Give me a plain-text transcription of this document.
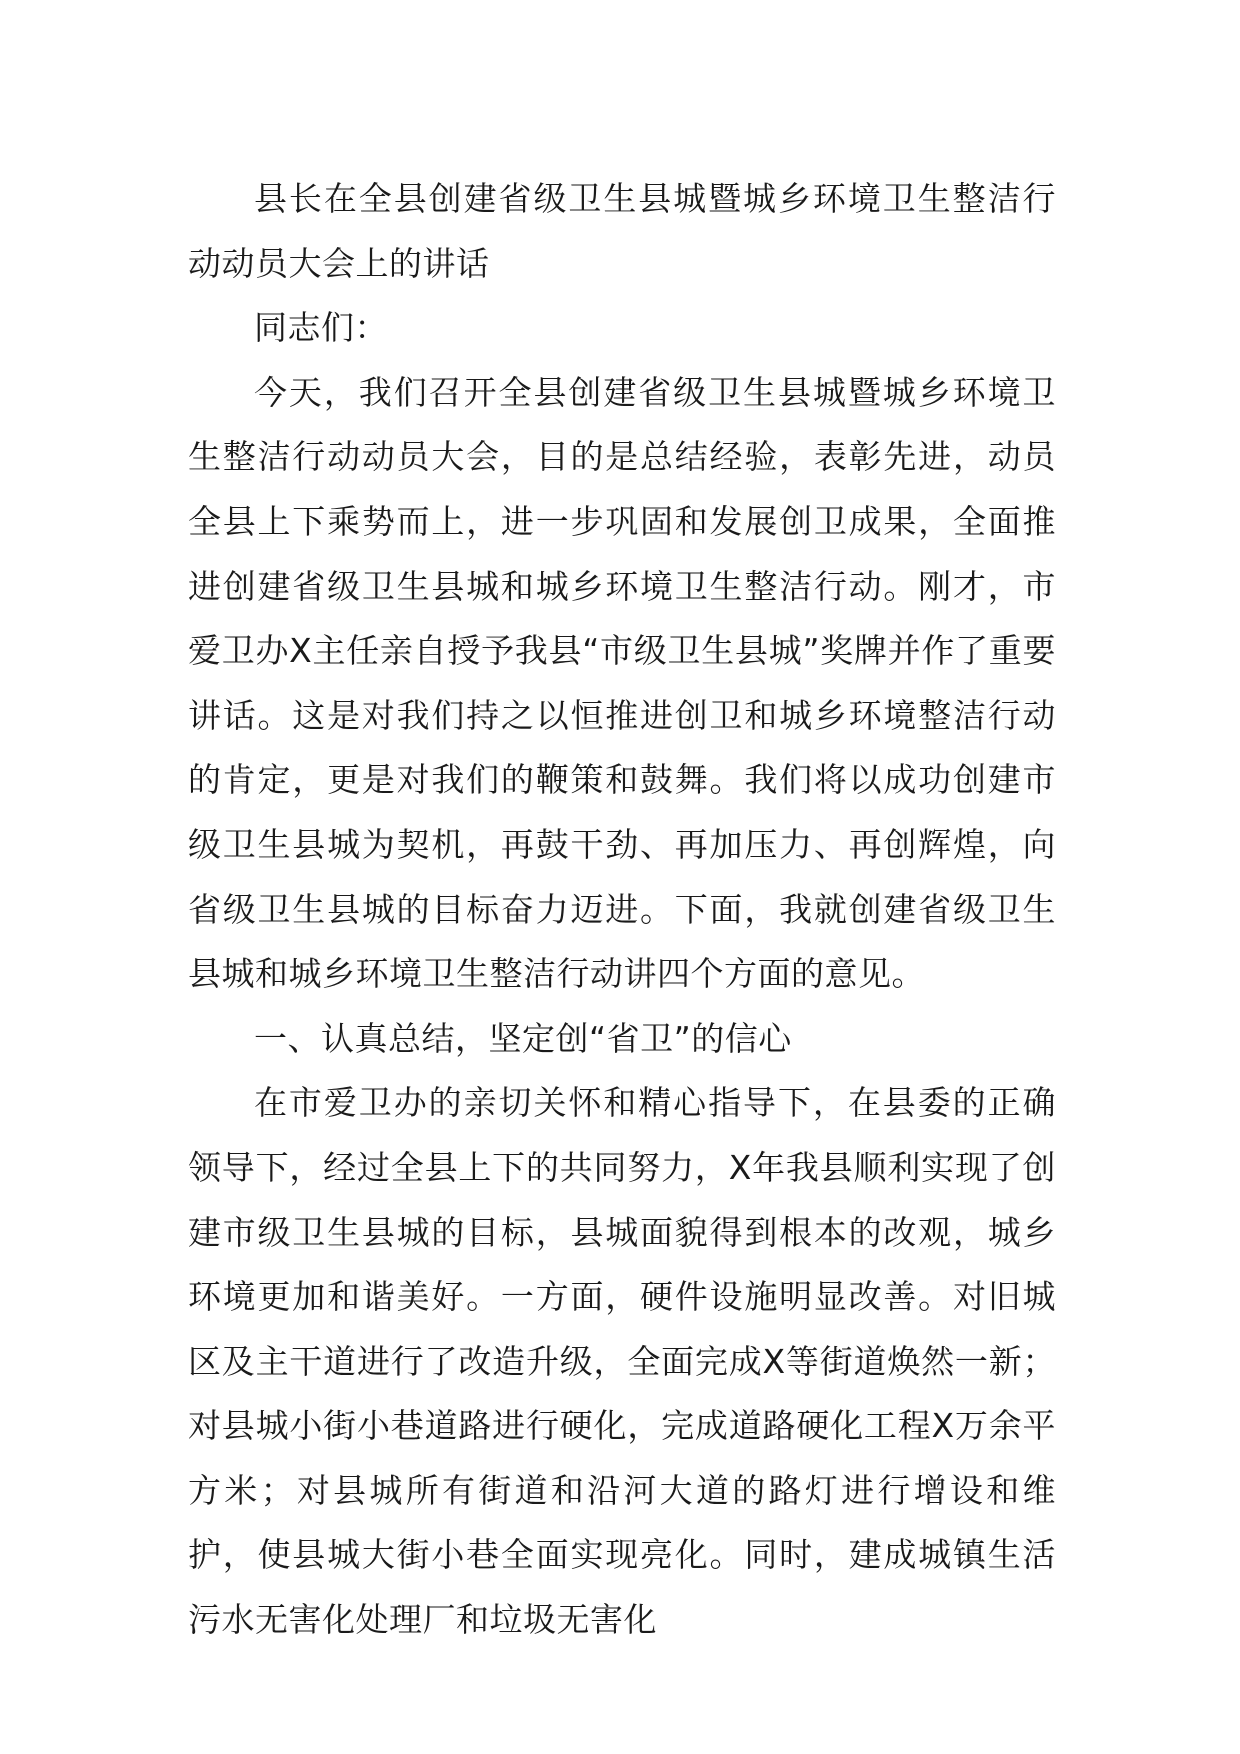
县长在全县创建省级卫生县城暨城乡环境卫生整洁行动动员大会上的讲话

同志们：

今天，我们召开全县创建省级卫生县城暨城乡环境卫生整洁行动动员大会，目的是总结经验，表彰先进，动员全县上下乘势而上，进一步巩固和发展创卫成果，全面推进创建省级卫生县城和城乡环境卫生整洁行动。刚才，市爱卫办X主任亲自授予我县“市级卫生县城”奖牌并作了重要讲话。这是对我们持之以恒推进创卫和城乡环境整洁行动的肯定，更是对我们的鞭策和鼓舞。我们将以成功创建市级卫生县城为契机，再鼓干劲、再加压力、再创辉煌，向省级卫生县城的目标奋力迈进。下面，我就创建省级卫生县城和城乡环境卫生整洁行动讲四个方面的意见。

一、认真总结，坚定创“省卫”的信心

在市爱卫办的亲切关怀和精心指导下，在县委的正确领导下，经过全县上下的共同努力，X年我县顺利实现了创建市级卫生县城的目标，县城面貌得到根本的改观，城乡环境更加和谐美好。一方面，硬件设施明显改善。对旧城区及主干道进行了改造升级，全面完成X等街道焕然一新；对县城小街小巷道路进行硬化，完成道路硬化工程X万余平方米；对县城所有街道和沿河大道的路灯进行增设和维护，使县城大街小巷全面实现亮化。同时，建成城镇生活污水无害化处理厂和垃圾无害化
